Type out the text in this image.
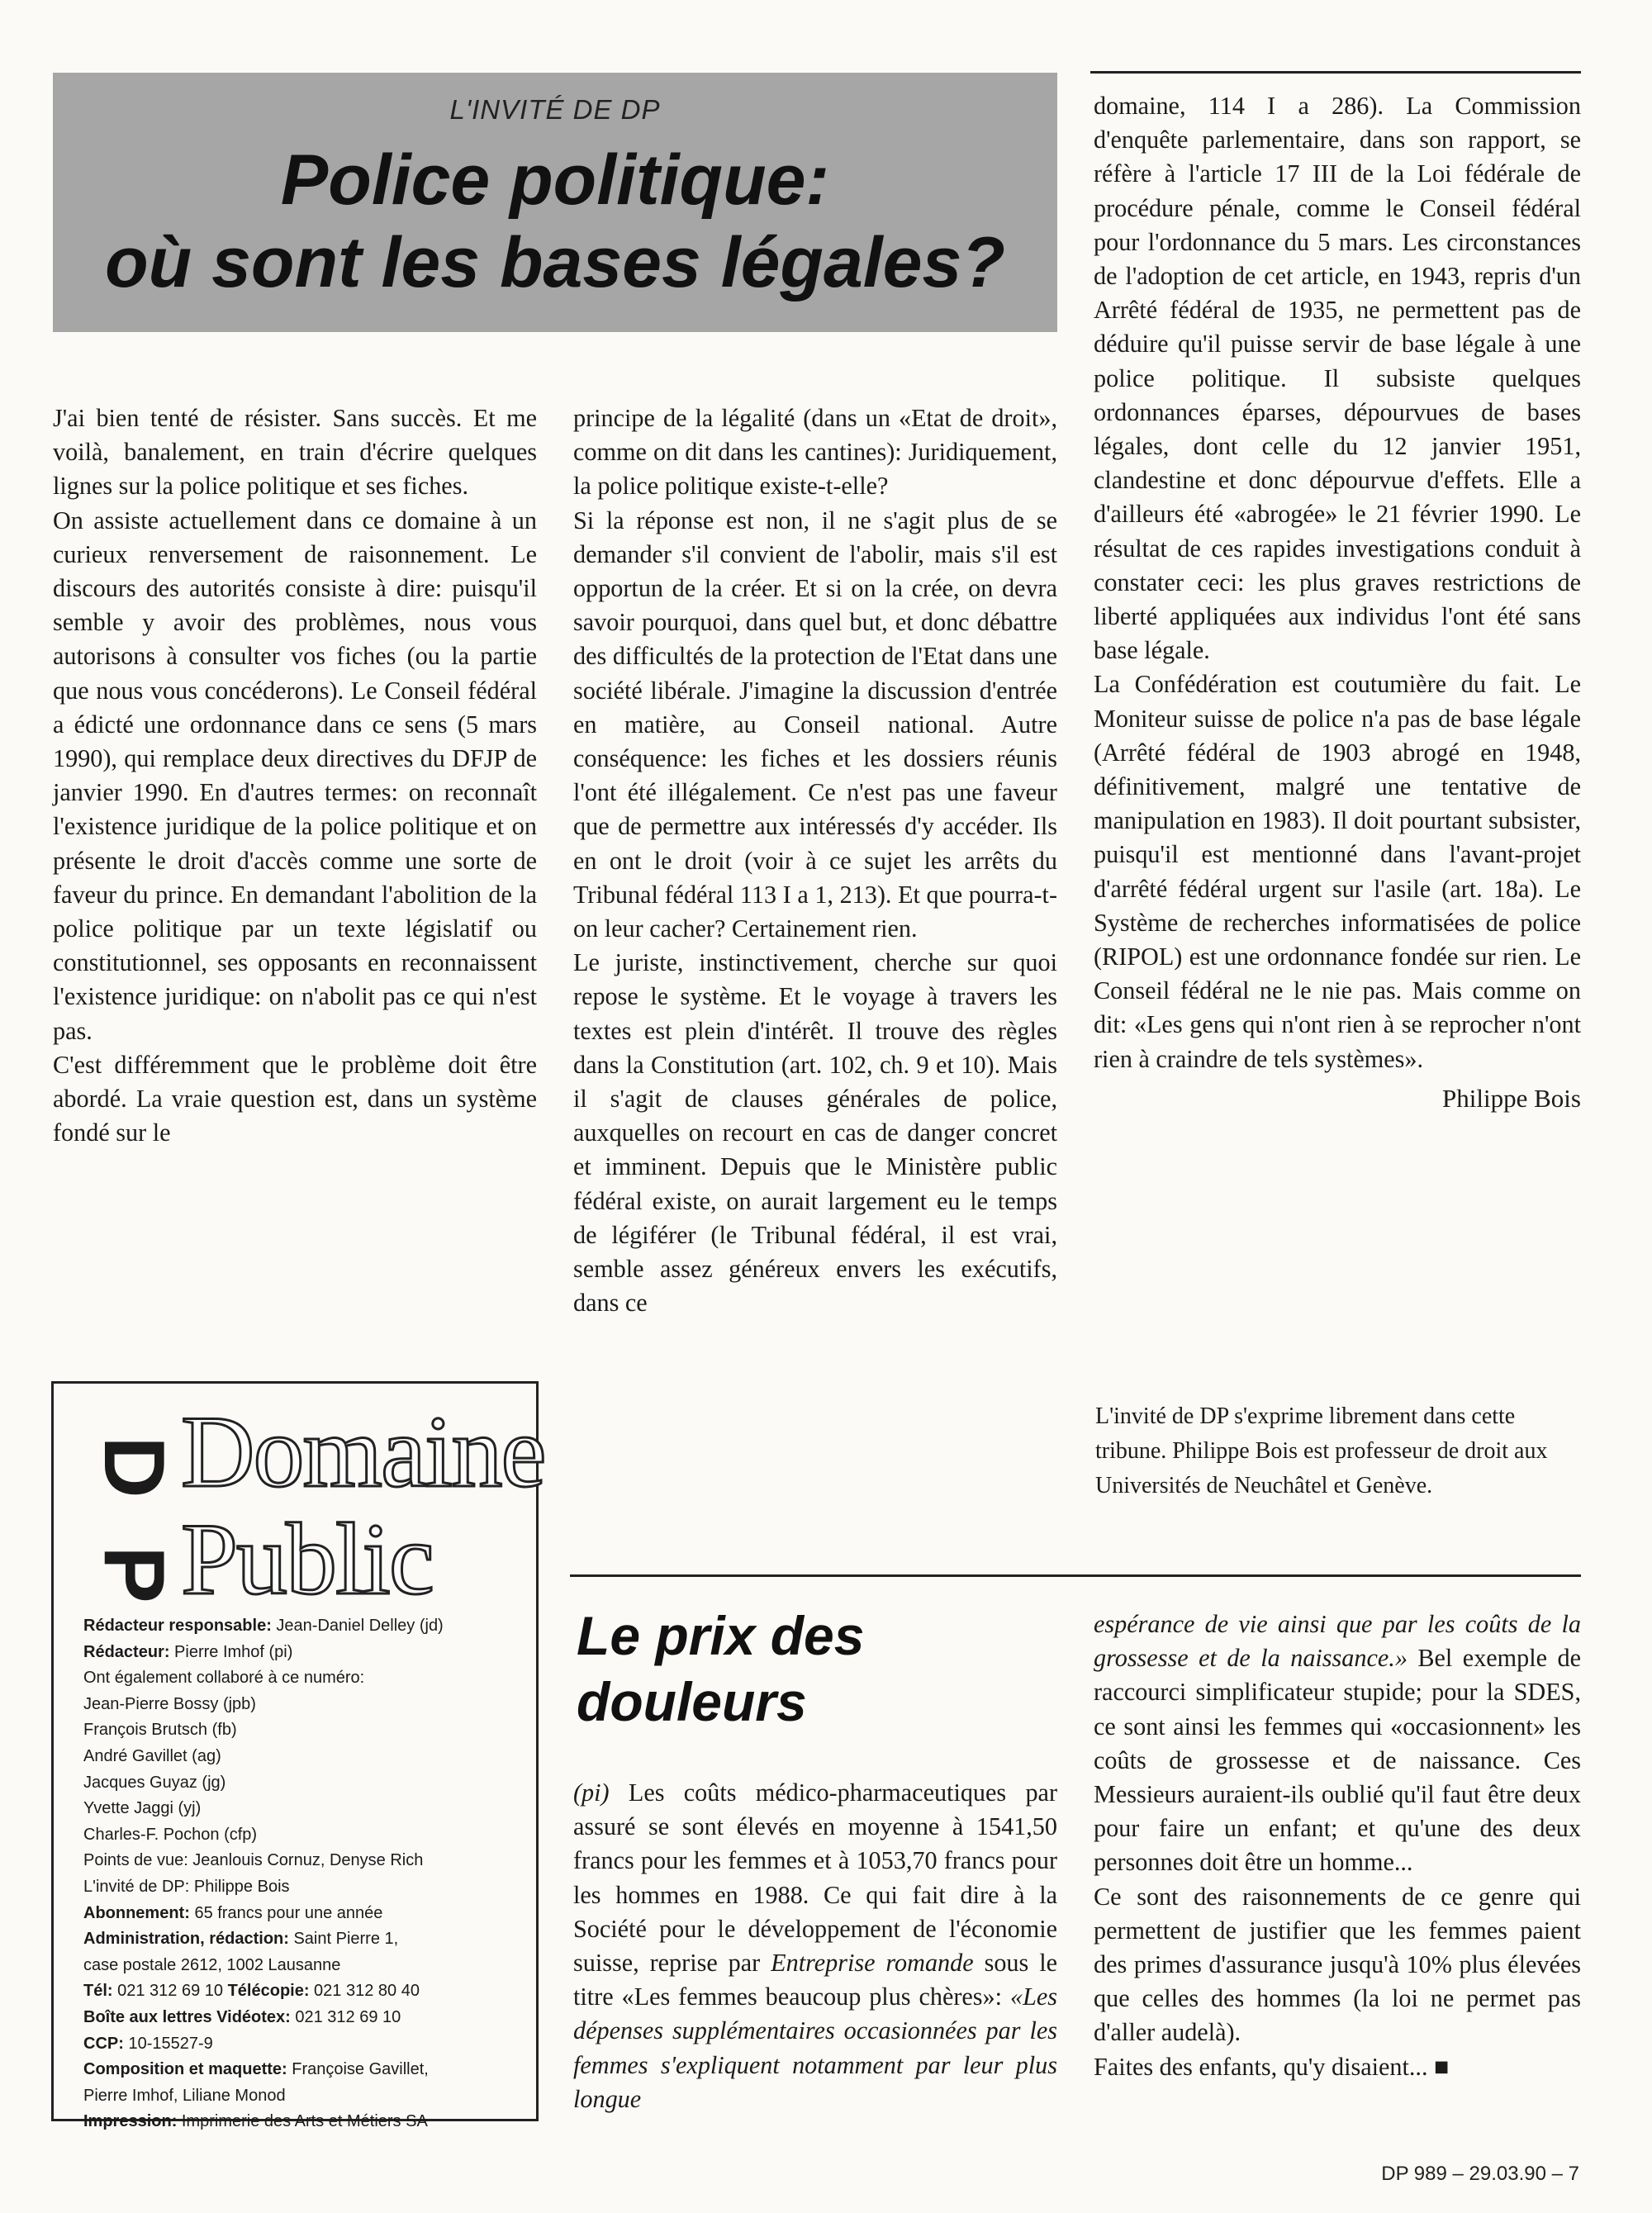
L'INVITÉ DE DP
Police politique:
où sont les bases légales?

J'ai bien tenté de résister. Sans succès. Et me voilà, banalement, en train d'écrire quelques lignes sur la police politique et ses fiches.

On assiste actuellement dans ce domaine à un curieux renversement de raisonnement. Le discours des autorités consiste à dire: puisqu'il semble y avoir des problèmes, nous vous autorisons à consulter vos fiches (ou la partie que nous vous concéderons). Le Conseil fédéral a édicté une ordonnance dans ce sens (5 mars 1990), qui remplace deux directives du DFJP de janvier 1990. En d'autres termes: on reconnaît l'existence juridique de la police politique et on présente le droit d'accès comme une sorte de faveur du prince. En demandant l'abolition de la police politique par un texte législatif ou constitutionnel, ses opposants en reconnaissent l'existence juridique: on n'abolit pas ce qui n'est pas.

C'est différemment que le problème doit être abordé. La vraie question est, dans un système fondé sur le

principe de la légalité (dans un «Etat de droit», comme on dit dans les cantines): Juridiquement, la police politique existe-t-elle?

Si la réponse est non, il ne s'agit plus de se demander s'il convient de l'abolir, mais s'il est opportun de la créer. Et si on la crée, on devra savoir pourquoi, dans quel but, et donc débattre des difficultés de la protection de l'Etat dans une société libérale. J'imagine la discussion d'entrée en matière, au Conseil national. Autre conséquence: les fiches et les dossiers réunis l'ont été illégalement. Ce n'est pas une faveur que de permettre aux intéressés d'y accéder. Ils en ont le droit (voir à ce sujet les arrêts du Tribunal fédéral 113 I a 1, 213). Et que pourra-t-on leur cacher? Certainement rien.

Le juriste, instinctivement, cherche sur quoi repose le système. Et le voyage à travers les textes est plein d'intérêt. Il trouve des règles dans la Constitution (art. 102, ch. 9 et 10). Mais il s'agit de clauses générales de police, auxquelles on recourt en cas de danger concret et imminent. Depuis que le Ministère public fédéral existe, on aurait largement eu le temps de légiférer (le Tribunal fédéral, il est vrai, semble assez généreux envers les exécutifs, dans ce

domaine, 114 I a 286). La Commission d'enquête parlementaire, dans son rapport, se réfère à l'article 17 III de la Loi fédérale de procédure pénale, comme le Conseil fédéral pour l'ordonnance du 5 mars. Les circonstances de l'adoption de cet article, en 1943, repris d'un Arrêté fédéral de 1935, ne permettent pas de déduire qu'il puisse servir de base légale à une police politique. Il subsiste quelques ordonnances éparses, dépourvues de bases légales, dont celle du 12 janvier 1951, clandestine et donc dépourvue d'effets. Elle a d'ailleurs été «abrogée» le 21 février 1990. Le résultat de ces rapides investigations conduit à constater ceci: les plus graves restrictions de liberté appliquées aux individus l'ont été sans base légale.

La Confédération est coutumière du fait. Le Moniteur suisse de police n'a pas de base légale (Arrêté fédéral de 1903 abrogé en 1948, définitivement, malgré une tentative de manipulation en 1983). Il doit pourtant subsister, puisqu'il est mentionné dans l'avant-projet d'arrêté fédéral urgent sur l'asile (art. 18a). Le Système de recherches informatisées de police (RIPOL) est une ordonnance fondée sur rien. Le Conseil fédéral ne le nie pas. Mais comme on dit: «Les gens qui n'ont rien à se reprocher n'ont rien à craindre de tels systèmes».

Philippe Bois

L'invité de DP s'exprime librement dans cette tribune. Philippe Bois est professeur de droit aux Universités de Neuchâtel et Genève.
D
P
Domaine
Public
Rédacteur responsable: Jean-Daniel Delley (jd)
Rédacteur: Pierre Imhof (pi)
Ont également collaboré à ce numéro:
Jean-Pierre Bossy (jpb)
François Brutsch (fb)
André Gavillet (ag)
Jacques Guyaz (jg)
Yvette Jaggi (yj)
Charles-F. Pochon (cfp)
Points de vue: Jeanlouis Cornuz, Denyse Rich
L'invité de DP: Philippe Bois
Abonnement: 65 francs pour une année
Administration, rédaction: Saint Pierre 1,
case postale 2612, 1002 Lausanne
Tél: 021 312 69 10 Télécopie: 021 312 80 40
Boîte aux lettres Vidéotex: 021 312 69 10
CCP: 10-15527-9
Composition et maquette: Françoise Gavillet,
Pierre Imhof, Liliane Monod
Impression: Imprimerie des Arts et Métiers SA
Le prix des
douleurs

(pi) Les coûts médico-pharmaceutiques par assuré se sont élevés en moyenne à 1541,50 francs pour les femmes et à 1053,70 francs pour les hommes en 1988. Ce qui fait dire à la Société pour le développement de l'économie suisse, reprise par Entreprise romande sous le titre «Les femmes beaucoup plus chères»: «Les dépenses supplémentaires occasionnées par les femmes s'expliquent notamment par leur plus longue

espérance de vie ainsi que par les coûts de la grossesse et de la naissance.» Bel exemple de raccourci simplificateur stupide; pour la SDES, ce sont ainsi les femmes qui «occasionnent» les coûts de grossesse et de naissance. Ces Messieurs auraient-ils oublié qu'il faut être deux pour faire un enfant; et qu'une des deux personnes doit être un homme...

Ce sont des raisonnements de ce genre qui permettent de justifier que les femmes paient des primes d'assurance jusqu'à 10% plus élevées que celles des hommes (la loi ne permet pas d'aller audelà).

Faites des enfants, qu'y disaient... ■

DP 989 – 29.03.90 – 7
